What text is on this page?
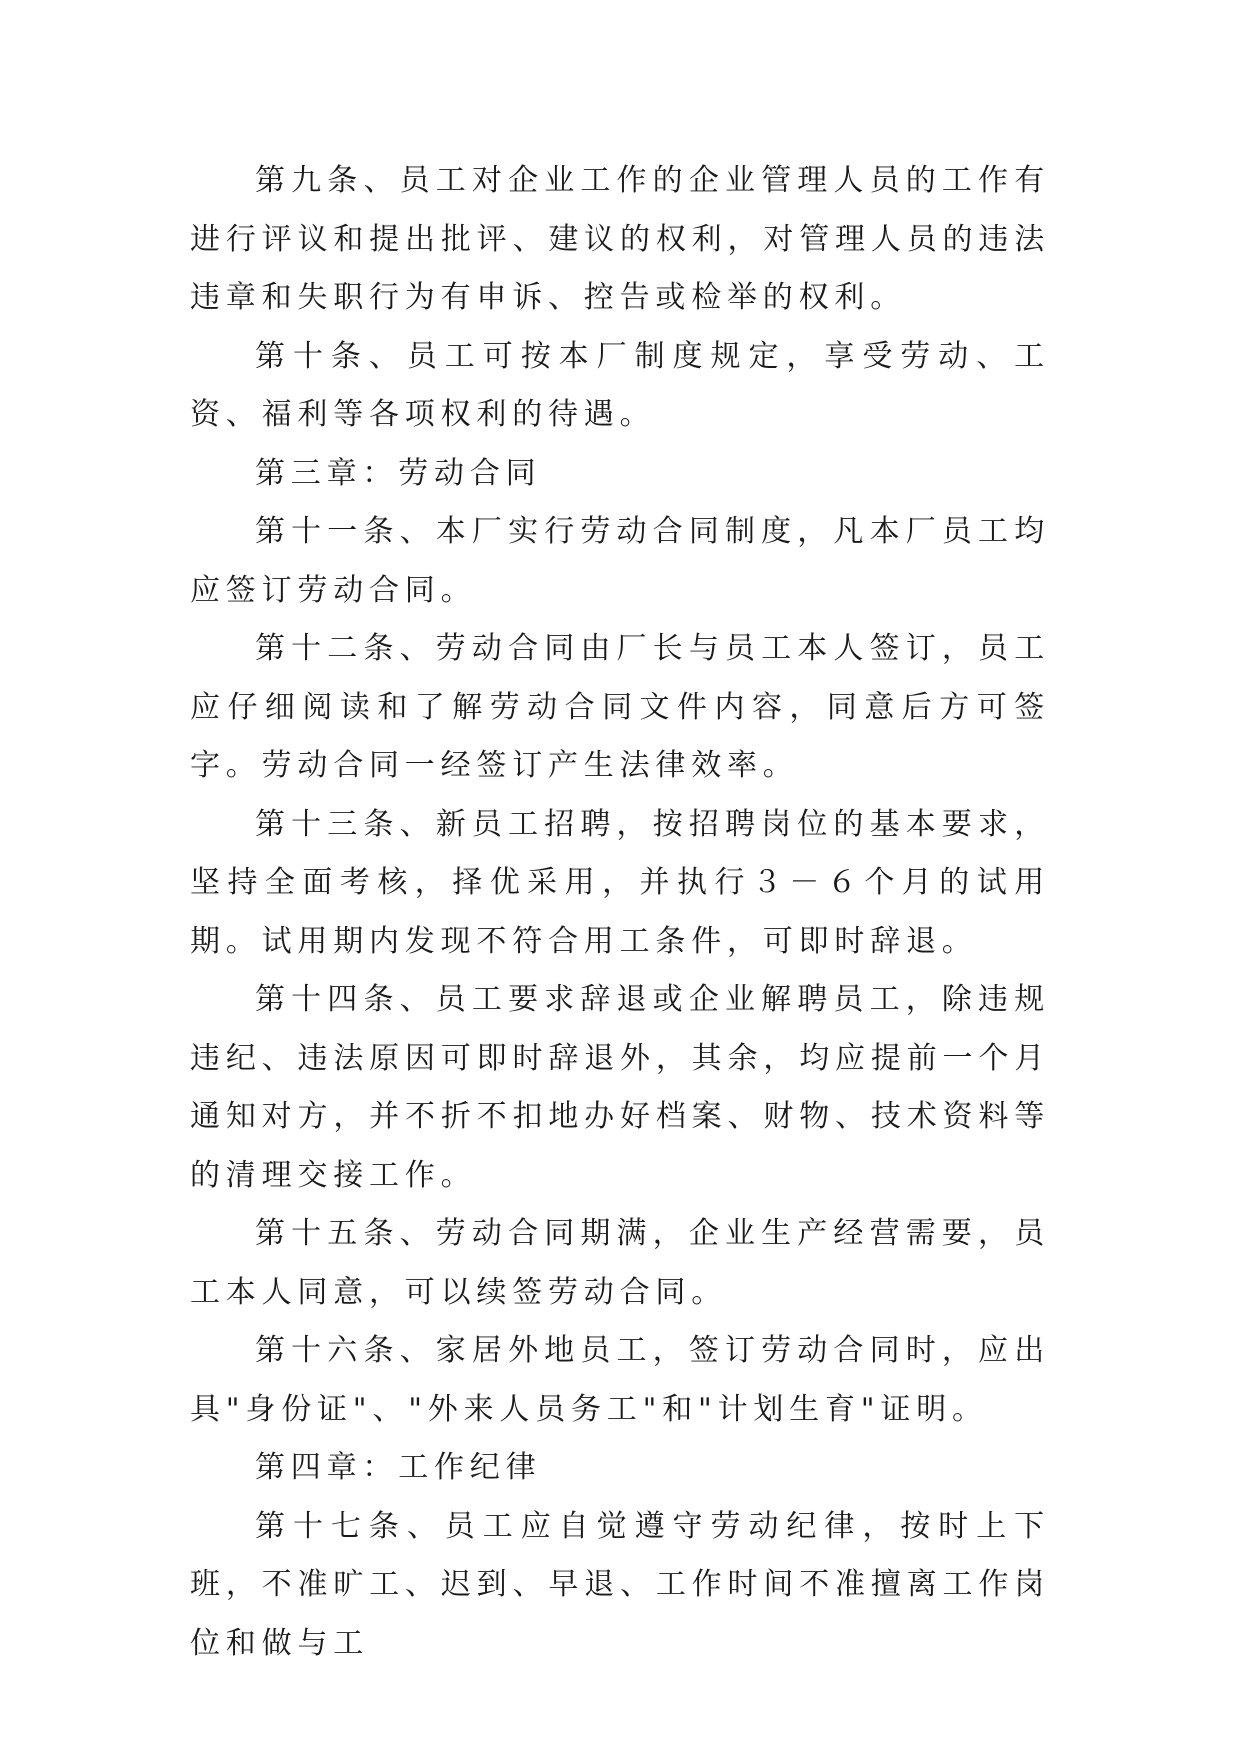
第九条、员工对企业工作的企业管理人员的工作有进行评议和提出批评、建议的权利，对管理人员的违法违章和失职行为有申诉、控告或检举的权利。

第十条、员工可按本厂制度规定，享受劳动、工资、福利等各项权利的待遇。

第三章：劳动合同

第十一条、本厂实行劳动合同制度，凡本厂员工均应签订劳动合同。

第十二条、劳动合同由厂长与员工本人签订，员工应仔细阅读和了解劳动合同文件内容，同意后方可签字。劳动合同一经签订产生法律效率。

第十三条、新员工招聘，按招聘岗位的基本要求，坚持全面考核，择优采用，并执行３－６个月的试用期。试用期内发现不符合用工条件，可即时辞退。

第十四条、员工要求辞退或企业解聘员工，除违规违纪、违法原因可即时辞退外，其余，均应提前一个月通知对方，并不折不扣地办好档案、财物、技术资料等的清理交接工作。

第十五条、劳动合同期满，企业生产经营需要，员工本人同意，可以续签劳动合同。

第十六条、家居外地员工，签订劳动合同时，应出具"身份证"、"外来人员务工"和"计划生育"证明。

第四章：工作纪律

第十七条、员工应自觉遵守劳动纪律，按时上下班，不准旷工、迟到、早退、工作时间不准擅离工作岗位和做与工
